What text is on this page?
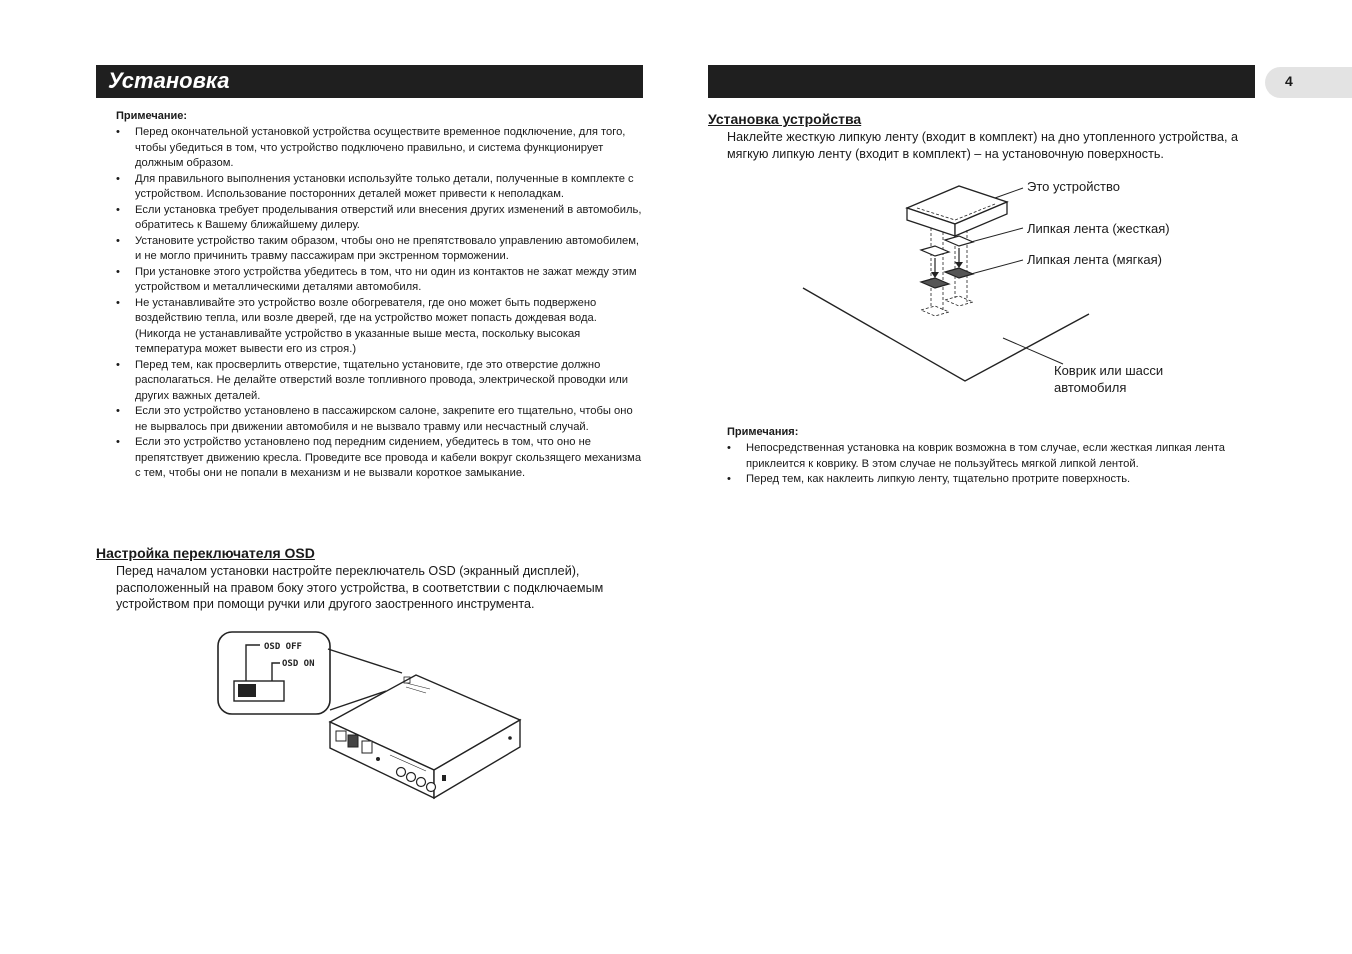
Установка	4
Примечание:
• Перед окончательной установкой устройства осуществите временное подключение, для того, чтобы убедиться в том, что устройство подключено правильно, и система функционирует должным образом.
• Для правильного выполнения установки используйте только детали, полученные в комплекте с устройством. Использование посторонних деталей может привести к неполадкам.
• Если установка требует проделывания отверстий или внесения других изменений в автомобиль, обратитесь к Вашему ближайшему дилеру.
• Установите устройство таким образом, чтобы оно не препятствовало управлению автомобилем, и не могло причинить травму пассажирам при экстренном торможении.
• При установке этого устройства убедитесь в том, что ни один из контактов не зажат между этим устройством и металлическими деталями автомобиля.
• Не устанавливайте это устройство возле обогревателя, где оно может быть подвержено воздействию тепла, или возле дверей, где на устройство может попасть дождевая вода. (Никогда не устанавливайте устройство в указанные выше места, поскольку высокая температура может вывести его из строя.)
• Перед тем, как просверлить отверстие, тщательно установите, где это отверстие должно располагаться. Не делайте отверстий возле топливного провода, электрической проводки или других важных деталей.
• Если это устройство установлено в пассажирском салоне, закрепите его тщательно, чтобы оно не вырвалось при движении автомобиля и не вызвало травму или несчастный случай.
• Если это устройство установлено под передним сидением, убедитесь в том, что оно не препятствует движению кресла. Проведите все провода и кабели вокруг скользящего механизма с тем, чтобы они не попали в механизм и не вызвали короткое замыкание.
Настройка переключателя OSD

Перед началом установки настройте переключатель OSD (экранный дисплей), расположенный на правом боку этого устройства, в соответствии с подключаемым устройством при помощи ручки или другого заостренного инструмента.

OSD OFF
OSD ON
Установка устройства

Наклейте жесткую липкую ленту (входит в комплект) на дно утопленного устройства, а мягкую липкую ленту (входит в комплект) – на установочную поверхность.

Это устройство
Липкая лента (жесткая)
Липкая лента (мягкая)
Коврик или шасси
автомобиля
Примечания:
• Непосредственная установка на коврик возможна в том случае, если жесткая липкая лента приклеится к коврику. В этом случае не пользуйтесь мягкой липкой лентой.
• Перед тем, как наклеить липкую ленту, тщательно протрите поверхность.
